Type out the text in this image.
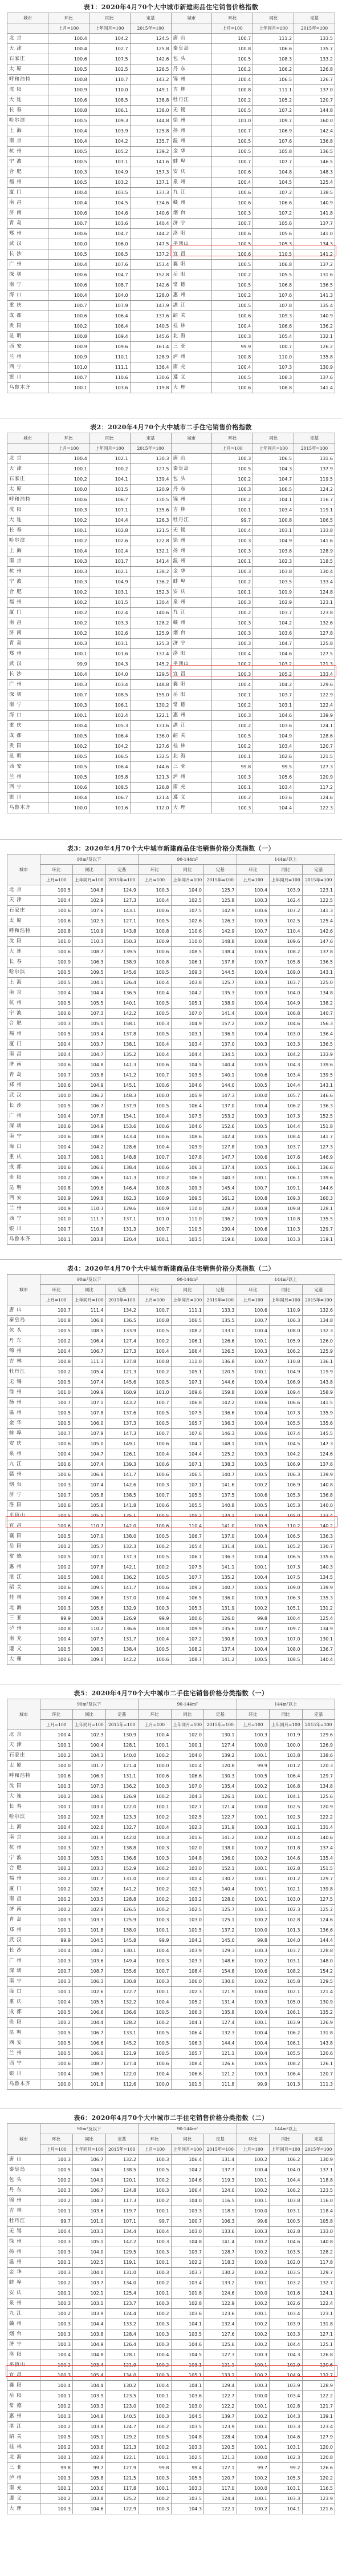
表1：2020年4月70个大中城市新建商品住宅销售价格指数
城市	环比	同比	定基	城市	环比	同比	定基
	上月=100	上年同月=100	2015年=100		上月=100	上年同月=100	2015年=100
北 京	100.4	104.2	124.5	唐 山	100.7	111.2	133.5
天 津	100.4	102.7	125.8	秦皇岛	100.8	106.6	135.7
石家庄	100.6	107.5	142.6	包 头	100.5	108.3	133.2
太 原	100.5	102.5	126.5	丹 东	100.2	106.2	126.8
呼和浩特	100.8	110.7	143.2	锦 州	100.4	106.5	126.7
沈 阳	100.9	110.0	149.1	吉 林	100.8	111.1	137.0
大 连	100.6	108.5	138.8	牡丹江	100.2	105.2	120.7
长 春	100.8	106.1	138.0	无 锡	100.5	107.2	144.8
哈尔滨	100.5	109.3	144.8	徐 州	101.0	109.7	160.0
上 海	100.4	103.9	125.8	扬 州	100.7	106.9	142.4
南 京	100.4	104.2	135.7	温 州	100.5	107.6	136.8
杭 州	100.5	105.2	139.2	金 华	100.5	105.8	136.5
宁 波	100.5	107.1	141.6	蚌 埠	100.7	107.7	146.5
合 肥	100.3	104.9	157.3	安 庆	100.6	104.8	148.3
福 州	100.5	103.2	137.1	泉 州	100.4	104.5	125.4
厦 门	100.4	103.5	137.3	九 江	100.6	107.2	138.5
南 昌	100.4	104.5	134.6	赣 州	100.6	106.6	140.9
济 南	100.6	104.6	140.6	烟 台	100.3	107.2	141.8
青 岛	100.7	103.6	140.4	济 宁	100.7	105.6	137.7
郑 州	100.6	104.7	144.2	洛 阳	100.6	105.6	141.0
武 汉	100.0	106.0	147.5	平顶山	100.5	105.3	134.3
长 沙	100.5	106.5	137.2	宜 昌	100.6	110.5	141.2
广 州	100.4	107.6	153.4	襄 阳	100.5	106.8	137.2
深 圳	100.6	104.7	152.8	岳 阳	100.2	105.5	131.6
南 宁	100.6	108.7	142.6	常 德	100.5	106.8	136.5
海 口	100.4	104.0	128.0	惠 州	100.2	107.6	141.3
重 庆	100.7	107.9	147.9	湛 江	100.5	107.8	135.4
成 都	100.6	106.4	137.6	韶 关	100.6	109.3	140.9
贵 阳	100.2	106.4	140.5	桂 林	100.4	106.6	136.2
昆 明	100.8	109.4	145.6	北 海	100.3	105.4	132.1
西 安	100.9	109.6	161.4	三 亚	99.9	100.7	126.2
兰 州	100.9	110.1	128.9	泸 州	100.8	110.0	135.8
西 宁	101.0	111.1	136.4	南 充	100.4	107.3	130.9
银 川	100.7	110.6	130.6	遵 义	100.5	108.3	137.6
乌鲁木齐	100.1	103.6	119.8	大 理	100.6	108.8	141.4
表2：2020年4月70个大中城市二手住宅销售价格指数
城市	环比	同比	定基	城市	环比	同比	定基
	上月=100	上年同月=100	2015年=100		上月=100	上年同月=100	2015年=100
北 京	100.4	102.1	130.3	唐 山	100.3	106.5	131.6
天 津	100.1	100.2	127.5	秦皇岛	100.5	104.3	137.9
石家庄	100.2	104.1	139.4	包 头	100.2	104.7	119.5
太 原	100.0	101.5	120.9	丹 东	100.3	106.5	124.2
呼和浩特	100.6	106.7	130.5	锦 州	100.2	104.1	116.7
沈 阳	100.3	107.1	135.6	吉 林	100.1	103.4	119.1
大 连	100.2	104.4	126.3	牡丹江	99.7	100.8	106.5
长 春	100.1	102.8	121.5	无 锡	100.4	103.1	133.8
哈尔滨	100.2	102.6	122.8	徐 州	100.3	104.9	141.6
上 海	100.4	102.4	132.1	扬 州	100.3	103.8	128.9
南 京	100.3	101.7	141.4	温 州	100.1	102.3	118.5
杭 州	100.3	102.1	138.2	金 华	100.3	103.8	130.4
宁 波	100.3	104.9	136.2	蚌 埠	100.2	103.5	133.4
合 肥	100.2	103.1	152.3	安 庆	100.1	101.9	124.8
福 州	100.2	101.5	130.4	泉 州	100.3	102.9	123.1
厦 门	100.2	102.4	140.6	九 江	100.2	103.7	123.8
南 昌	100.2	103.3	128.2	赣 州	100.3	104.2	132.6
济 南	100.2	102.6	125.9	烟 台	100.3	103.6	127.8
青 岛	100.3	103.1	125.3	济 宁	100.3	104.7	125.8
郑 州	100.1	101.6	137.4	洛 阳	100.4	104.6	127.5
武 汉	99.9	104.3	145.2	平顶山	100.2	103.2	121.3
长 沙	100.4	104.0	129.5	宜 昌	100.3	105.2	133.4
广 州	100.3	103.4	148.8	襄 阳	100.4	104.2	129.6
深 圳	100.7	108.5	155.0	岳 阳	100.1	103.7	122.9
南 宁	100.3	106.1	130.2	常 德	100.2	103.1	122.4
海 口	100.1	102.4	122.1	惠 州	100.3	104.6	139.9
重 庆	100.4	105.3	131.6	湛 江	100.2	103.6	124.1
成 都	100.5	106.4	136.0	韶 关	100.5	104.9	128.6
贵 阳	100.2	104.2	127.6	桂 林	100.2	103.4	120.7
昆 明	100.5	106.5	132.5	北 海	100.1	102.6	121.5
西 安	100.5	106.4	144.6	三 亚	99.8	99.5	127.3
兰 州	100.5	105.8	121.3	泸 州	100.3	105.6	120.9
西 宁	100.6	108.5	126.8	南 充	100.1	103.4	117.2
银 川	100.4	106.7	121.4	遵 义	100.2	103.6	124.6
乌鲁木齐	100.0	101.6	112.0	大 理	100.3	104.4	122.3
表3：2020年4月70个大中城市新建商品住宅销售价格分类指数（一）
城市	90m²及以下			90-144m²			144m²以上		
	环比	同比	定基	环比	同比	定基	环比	同比	定基
	上月=100	上年同月=100	2015年=100	上月=100	上年同月=100	2015年=100	上月=100	上年同月=100	2015年=100
北 京	100.5	104.8	124.9	100.3	104.0	125.7	100.4	103.9	123.1
天 津	100.4	102.9	127.3	100.4	102.5	125.8	100.3	102.4	122.5
石家庄	100.6	107.6	143.1	100.6	107.5	142.9	100.6	107.2	141.3
太 原	100.6	102.3	127.1	100.5	102.6	126.3	100.3	102.5	125.4
呼和浩特	100.8	110.9	143.8	100.8	110.6	142.9	100.7	110.4	142.6
沈 阳	101.0	110.3	150.3	100.9	110.0	148.8	100.8	109.6	147.6
大 连	100.6	108.7	139.5	100.6	108.5	138.4	100.5	108.2	137.8
长 春	100.9	106.3	138.9	100.8	106.1	137.8	100.7	105.8	136.5
哈尔滨	100.5	109.5	145.6	100.5	109.3	144.5	100.4	109.0	143.1
上 海	100.5	104.1	126.4	100.4	103.8	125.7	100.3	103.7	125.0
南 京	100.4	104.4	136.5	100.4	104.2	135.3	100.3	104.0	134.8
杭 州	100.5	105.5	140.1	100.5	105.1	138.9	100.4	104.9	138.2
宁 波	100.6	107.3	142.2	100.5	107.0	141.4	100.4	106.8	140.7
合 肥	100.3	105.0	158.1	100.3	104.9	157.2	100.2	104.6	156.3
福 州	100.5	103.4	137.8	100.5	103.1	136.9	100.4	103.0	136.4
厦 门	100.4	103.7	138.1	100.4	103.4	137.0	100.3	103.3	136.5
南 昌	100.4	104.7	135.2	100.4	104.4	134.5	100.3	104.2	133.9
济 南	100.6	104.8	141.3	100.6	104.5	140.4	100.5	104.3	139.6
青 岛	100.7	103.8	141.2	100.7	103.5	140.1	100.6	103.4	139.5
郑 州	100.6	104.9	145.1	100.6	104.6	144.0	100.5	104.4	143.1
武 汉	100.0	106.2	148.3	100.0	105.9	147.3	100.0	105.7	146.6
长 沙	100.5	106.7	137.9	100.5	106.4	137.0	100.4	106.2	136.3
广 州	100.4	107.8	154.1	100.4	107.5	153.2	100.3	107.3	152.5
深 圳	100.6	104.9	153.6	100.6	104.6	152.6	100.5	104.4	151.8
南 宁	100.6	108.9	143.4	100.6	108.6	142.4	100.5	108.4	141.7
海 口	100.4	104.2	128.6	100.4	103.9	127.8	100.3	103.7	127.3
重 庆	100.7	108.1	148.8	100.7	107.8	147.7	100.6	107.6	146.9
成 都	100.6	106.6	138.4	100.6	106.3	137.4	100.5	106.1	136.6
贵 阳	100.2	106.6	141.3	100.2	106.3	140.3	100.1	106.1	139.6
昆 明	100.8	109.6	146.4	100.8	109.3	145.4	100.7	109.1	144.6
西 安	100.9	109.8	162.3	100.9	109.5	161.2	100.8	109.3	160.3
兰 州	100.9	110.3	129.6	100.9	110.0	128.7	100.8	109.8	128.1
西 宁	101.0	111.3	137.1	101.0	111.0	136.2	100.9	110.8	135.5
银 川	100.7	110.8	131.3	100.7	110.5	130.4	100.6	110.3	129.7
乌鲁木齐	100.1	103.8	120.4	100.1	103.5	119.6	100.0	103.3	119.1
表4：2020年4月70个大中城市新建商品住宅销售价格分类指数（二）
城市	90m²及以下			90-144m²			144m²以上		
	环比	同比	定基	环比	同比	定基	环比	同比	定基
	上月=100	上年同月=100	2015年=100	上月=100	上年同月=100	2015年=100	上月=100	上年同月=100	2015年=100
唐 山	100.7	111.4	134.2	100.7	111.1	133.3	100.6	110.9	132.6
秦皇岛	100.8	106.8	136.5	100.8	106.5	135.5	100.7	106.3	134.8
包 头	100.5	108.5	133.9	100.5	108.2	133.0	100.4	108.0	132.3
丹 东	100.2	106.4	127.4	100.2	106.1	126.6	100.1	105.9	126.0
锦 州	100.4	106.7	127.3	100.4	106.4	126.5	100.3	106.2	125.9
吉 林	100.8	111.3	137.8	100.8	111.0	136.8	100.7	110.8	136.1
牡丹江	100.2	105.4	121.3	100.2	105.1	120.5	100.1	104.9	119.9
无 锡	100.5	107.4	145.6	100.5	107.1	144.6	100.4	106.9	143.8
徐 州	101.0	109.9	160.9	101.0	109.6	159.8	100.9	109.4	158.9
扬 州	100.7	107.1	143.2	100.7	106.8	142.2	100.6	106.6	141.5
温 州	100.5	107.8	137.6	100.5	107.5	136.6	100.4	107.3	135.9
金 华	100.5	106.0	137.3	100.5	105.7	136.3	100.4	105.5	135.6
蚌 埠	100.7	107.9	147.3	100.7	107.6	146.3	100.6	107.4	145.5
安 庆	100.6	105.0	149.1	100.6	104.7	148.1	100.5	104.5	147.3
泉 州	100.4	104.7	126.1	100.4	104.4	125.2	100.3	104.2	124.6
九 江	100.6	107.4	139.3	100.6	107.1	138.3	100.5	106.9	137.6
赣 州	100.6	106.8	141.7	100.6	106.5	140.7	100.5	106.3	139.9
烟 台	100.3	107.4	142.6	100.3	107.1	141.6	100.2	106.9	140.8
济 宁	100.7	105.8	138.5	100.7	105.5	137.5	100.6	105.3	136.8
洛 阳	100.6	105.8	141.8	100.6	105.5	140.8	100.5	105.3	140.0
平顶山	100.5	105.5	135.1	100.5	105.2	134.1	100.4	105.0	133.4
宜 昌	100.6	110.7	142.0	100.6	110.4	141.0	100.5	110.2	140.2
襄 阳	100.5	107.0	138.0	100.5	106.7	137.0	100.4	106.5	136.3
岳 阳	100.2	105.7	132.3	100.2	105.4	131.4	100.1	105.2	130.7
常 德	100.5	107.0	137.3	100.5	106.7	136.3	100.4	106.5	135.6
惠 州	100.2	107.8	142.1	100.2	107.5	141.1	100.1	107.3	140.3
湛 江	100.5	108.0	136.2	100.5	107.7	135.2	100.4	107.5	134.5
韶 关	100.6	109.5	141.7	100.6	109.2	140.7	100.5	109.0	139.9
桂 林	100.4	106.8	137.0	100.4	106.5	136.0	100.3	106.3	135.3
北 海	100.3	105.6	132.9	100.3	105.3	131.9	100.2	105.1	131.2
三 亚	99.9	100.9	126.9	99.9	100.6	126.0	99.8	100.4	125.4
泸 州	100.8	110.2	136.6	100.8	109.9	135.6	100.7	109.7	134.9
南 充	100.4	107.5	131.7	100.4	107.2	130.8	100.3	107.0	130.1
遵 义	100.5	108.5	138.4	100.5	108.2	137.4	100.4	108.0	136.7
大 理	100.6	109.0	142.2	100.6	108.7	141.2	100.5	108.5	140.4
表5：2020年4月70个大中城市二手住宅销售价格分类指数（一）
城市	90m²及以下			90-144m²			144m²以上		
	环比	同比	定基	环比	同比	定基	环比	同比	定基
	上月=100	上年同月=100	2015年=100	上月=100	上年同月=100	2015年=100	上月=100	上年同月=100	2015年=100
北 京	100.4	102.3	130.9	100.4	102.0	130.1	100.3	101.9	129.6
天 津	100.1	100.4	128.1	100.1	100.1	127.4	100.0	100.0	126.9
石家庄	100.2	104.3	140.0	100.2	104.0	139.2	100.1	103.8	138.6
太 原	100.0	101.7	121.4	100.0	101.4	120.8	99.9	101.2	120.3
呼和浩特	100.6	106.9	131.1	100.6	106.6	130.3	100.5	106.4	129.7
沈 阳	100.3	107.3	136.2	100.3	107.0	135.4	100.2	106.8	134.8
大 连	100.2	104.6	126.9	100.2	104.3	126.1	100.1	104.1	125.6
长 春	100.1	103.0	122.0	100.1	102.7	121.4	100.0	102.5	120.9
哈尔滨	100.2	102.8	123.3	100.2	102.5	122.7	100.1	102.3	122.2
上 海	100.4	102.6	132.7	100.4	102.3	131.9	100.3	102.1	131.4
南 京	100.3	101.9	142.0	100.3	101.6	141.2	100.2	101.4	140.6
杭 州	100.3	102.3	138.8	100.3	102.0	138.0	100.2	101.8	137.4
宁 波	100.3	105.1	136.8	100.3	104.8	136.0	100.2	104.6	135.4
合 肥	100.2	103.3	152.9	100.2	103.0	152.1	100.1	102.8	151.5
福 州	100.2	101.7	131.0	100.2	101.4	130.2	100.1	101.2	129.7
厦 门	100.2	102.6	141.2	100.2	102.3	140.4	100.1	102.1	139.8
南 昌	100.2	103.5	128.8	100.2	103.2	128.0	100.1	103.0	127.5
济 南	100.2	102.8	126.5	100.2	102.5	125.7	100.1	102.3	125.2
青 岛	100.3	103.3	125.9	100.3	103.0	125.1	100.2	102.8	124.6
郑 州	100.1	101.8	138.0	100.1	101.5	137.2	100.0	101.3	136.6
武 汉	99.9	104.5	145.8	99.9	104.2	145.0	99.8	104.0	144.4
长 沙	100.4	104.2	130.1	100.4	103.9	129.3	100.3	103.7	128.8
广 州	100.3	103.6	149.4	100.3	103.3	148.6	100.2	103.1	148.0
深 圳	100.7	108.7	155.6	100.7	108.4	154.8	100.6	108.2	154.2
南 宁	100.3	106.3	130.8	100.3	106.0	130.0	100.2	105.8	129.5
海 口	100.1	102.6	122.7	100.1	102.3	121.9	100.0	102.1	121.4
重 庆	100.4	105.5	132.2	100.4	105.2	131.4	100.3	105.0	130.9
成 都	100.5	106.6	136.6	100.5	106.3	135.8	100.4	106.1	135.2
贵 阳	100.2	104.4	128.2	100.2	104.1	127.4	100.1	103.9	126.9
昆 明	100.5	106.7	133.1	100.5	106.4	132.3	100.4	106.2	131.8
西 安	100.5	106.6	145.2	100.5	106.3	144.4	100.4	106.1	143.8
兰 州	100.5	106.0	121.9	100.5	105.7	121.1	100.4	105.5	120.6
西 宁	100.6	108.7	127.4	100.6	108.4	126.6	100.5	108.2	126.1
银 川	100.4	106.9	122.0	100.4	106.6	121.2	100.3	106.4	120.7
乌鲁木齐	100.0	101.8	112.6	100.0	101.5	111.8	99.9	101.3	111.3
表6：2020年4月70个大中城市二手住宅销售价格分类指数（二）
城市	90m²及以下			90-144m²			144m²以上		
	环比	同比	定基	环比	同比	定基	环比	同比	定基
	上月=100	上年同月=100	2015年=100	上月=100	上年同月=100	2015年=100	上月=100	上年同月=100	2015年=100
唐 山	100.3	106.7	132.2	100.3	106.4	131.4	100.2	106.2	130.9
秦皇岛	100.5	104.5	138.5	100.5	104.2	137.7	100.4	104.0	137.1
包 头	100.2	104.9	120.1	100.2	104.6	119.3	100.1	104.4	118.8
丹 东	100.3	106.7	124.8	100.3	106.4	124.0	100.2	106.2	123.5
锦 州	100.2	104.3	117.3	100.2	104.0	116.5	100.1	103.8	116.0
吉 林	100.1	103.6	119.7	100.1	103.3	118.9	100.0	103.1	118.4
牡丹江	99.7	101.0	107.1	99.7	100.7	106.3	99.6	100.5	105.8
无 锡	100.4	103.3	134.4	100.4	103.0	133.6	100.3	102.8	133.0
徐 州	100.3	105.1	142.2	100.3	104.8	141.4	100.2	104.6	140.8
扬 州	100.3	104.0	129.5	100.3	103.7	128.7	100.2	103.5	128.2
温 州	100.1	102.5	119.1	100.1	102.2	118.3	100.0	102.0	117.8
金 华	100.3	104.0	131.0	100.3	103.7	130.2	100.2	103.5	129.7
蚌 埠	100.2	103.7	134.0	100.2	103.4	133.2	100.1	103.2	132.7
安 庆	100.1	102.1	125.4	100.1	101.8	124.6	100.0	101.6	124.1
泉 州	100.3	103.1	123.7	100.3	102.8	122.9	100.2	102.6	122.4
九 江	100.2	103.9	124.4	100.2	103.6	123.6	100.1	103.4	123.1
赣 州	100.3	104.4	133.2	100.3	104.1	132.4	100.2	103.9	131.8
烟 台	100.3	103.8	128.4	100.3	103.5	127.6	100.2	103.3	127.1
济 宁	100.3	104.9	126.4	100.3	104.6	125.6	100.2	104.4	125.1
洛 阳	100.4	104.8	128.1	100.4	104.5	127.3	100.3	104.3	126.8
平顶山	100.2	103.4	121.9	100.2	103.1	121.1	100.1	102.9	120.6
宜 昌	100.3	105.4	134.0	100.3	105.1	133.2	100.2	104.9	132.7
襄 阳	100.4	104.4	130.2	100.4	104.1	129.4	100.3	103.9	128.9
岳 阳	100.1	103.9	123.5	100.1	103.6	122.7	100.0	103.4	122.2
常 德	100.2	103.3	123.0	100.2	103.0	122.2	100.1	102.8	121.7
惠 州	100.3	104.8	140.5	100.3	104.5	139.7	100.2	104.3	139.1
湛 江	100.2	103.8	124.7	100.2	103.5	123.9	100.1	103.3	123.4
韶 关	100.5	105.1	129.2	100.5	104.8	128.4	100.4	104.6	127.9
桂 林	100.2	103.6	121.3	100.2	103.3	120.5	100.1	103.1	120.0
北 海	100.1	102.8	122.1	100.1	102.5	121.3	100.0	102.3	120.8
三 亚	99.8	99.7	127.9	99.8	99.4	127.1	99.7	99.2	126.6
泸 州	100.3	105.8	121.5	100.3	105.5	120.7	100.2	105.3	120.2
南 充	100.1	103.6	117.8	100.1	103.3	117.0	100.0	103.1	116.5
遵 义	100.2	103.8	125.2	100.2	103.5	124.4	100.1	103.3	123.9
大 理	100.3	104.6	122.9	100.3	104.3	122.1	100.2	104.1	121.6
